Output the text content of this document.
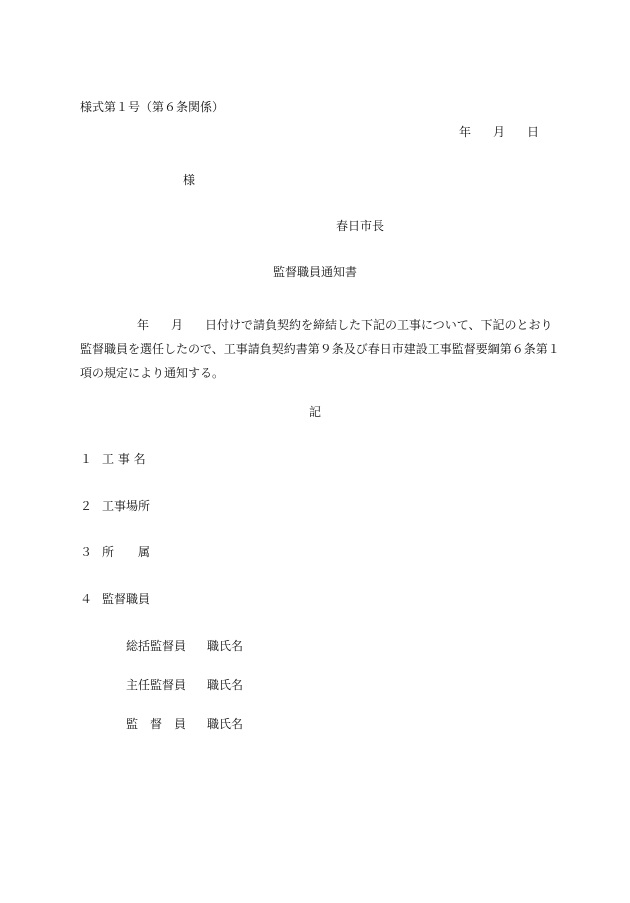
様式第１号（第６条関係）
年 月 日
様
春日市長
監督職員通知書
年 月 日付けで請負契約を締結した下記の工事について、下記のとおり
監督職員を選任したので、工事請負契約書第９条及び春日市建設工事監督要綱第６条第１
項の規定により通知する。
記
１ 工 事 名
２ 工事場所
３ 所　　属
４ 監督職員
総括監督員 職氏名
主任監督員 職氏名
監　督　員 職氏名
